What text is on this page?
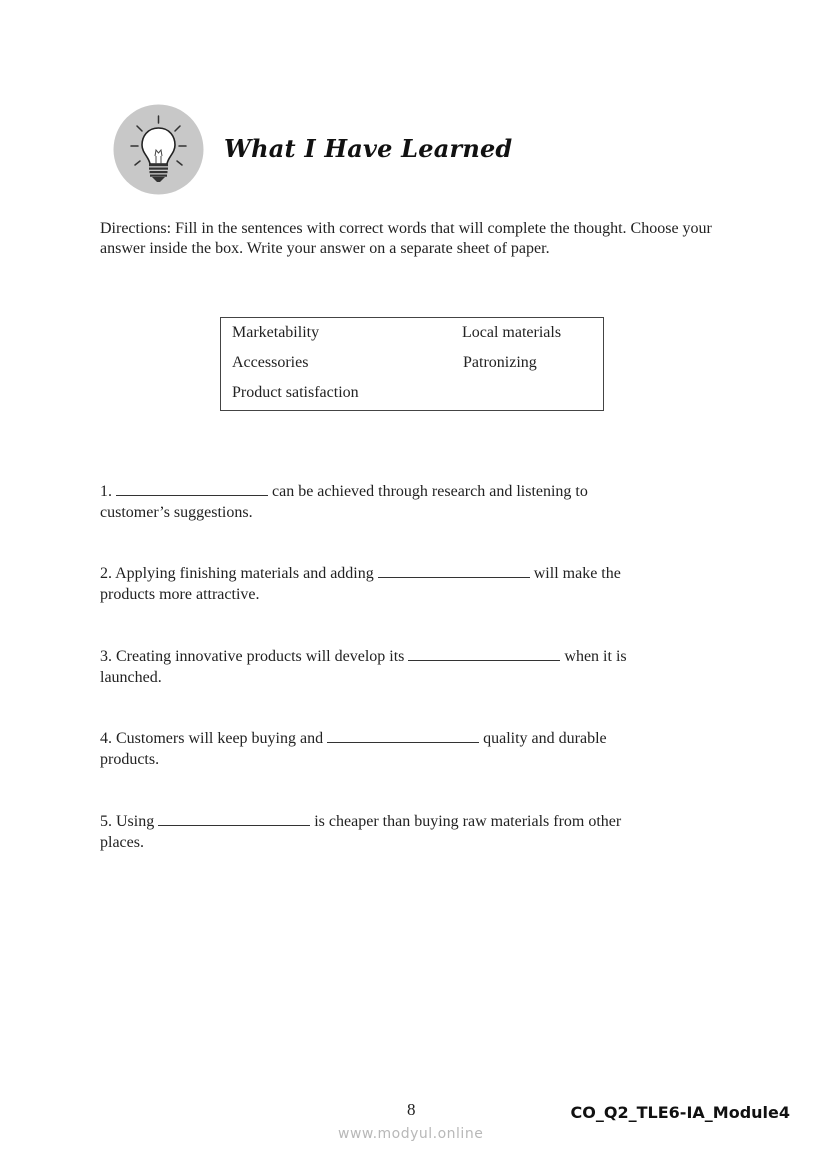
What I Have Learned
Directions: Fill in the sentences with correct words that will complete the thought. Choose your answer inside the box. Write your answer on a separate sheet of paper.
Marketability	Local materials
Accessories	Patronizing
Product satisfaction
1.	can be achieved through research and listening to
customer’s suggestions.
2. Applying finishing materials and adding	will make the
products more attractive.
3. Creating innovative products will develop its	when it is
launched.
4. Customers will keep buying and	quality and durable
products.
5. Using	is cheaper than buying raw materials from other
places.
8	CO_Q2_TLE6-IA_Module4
www.modyul.online
